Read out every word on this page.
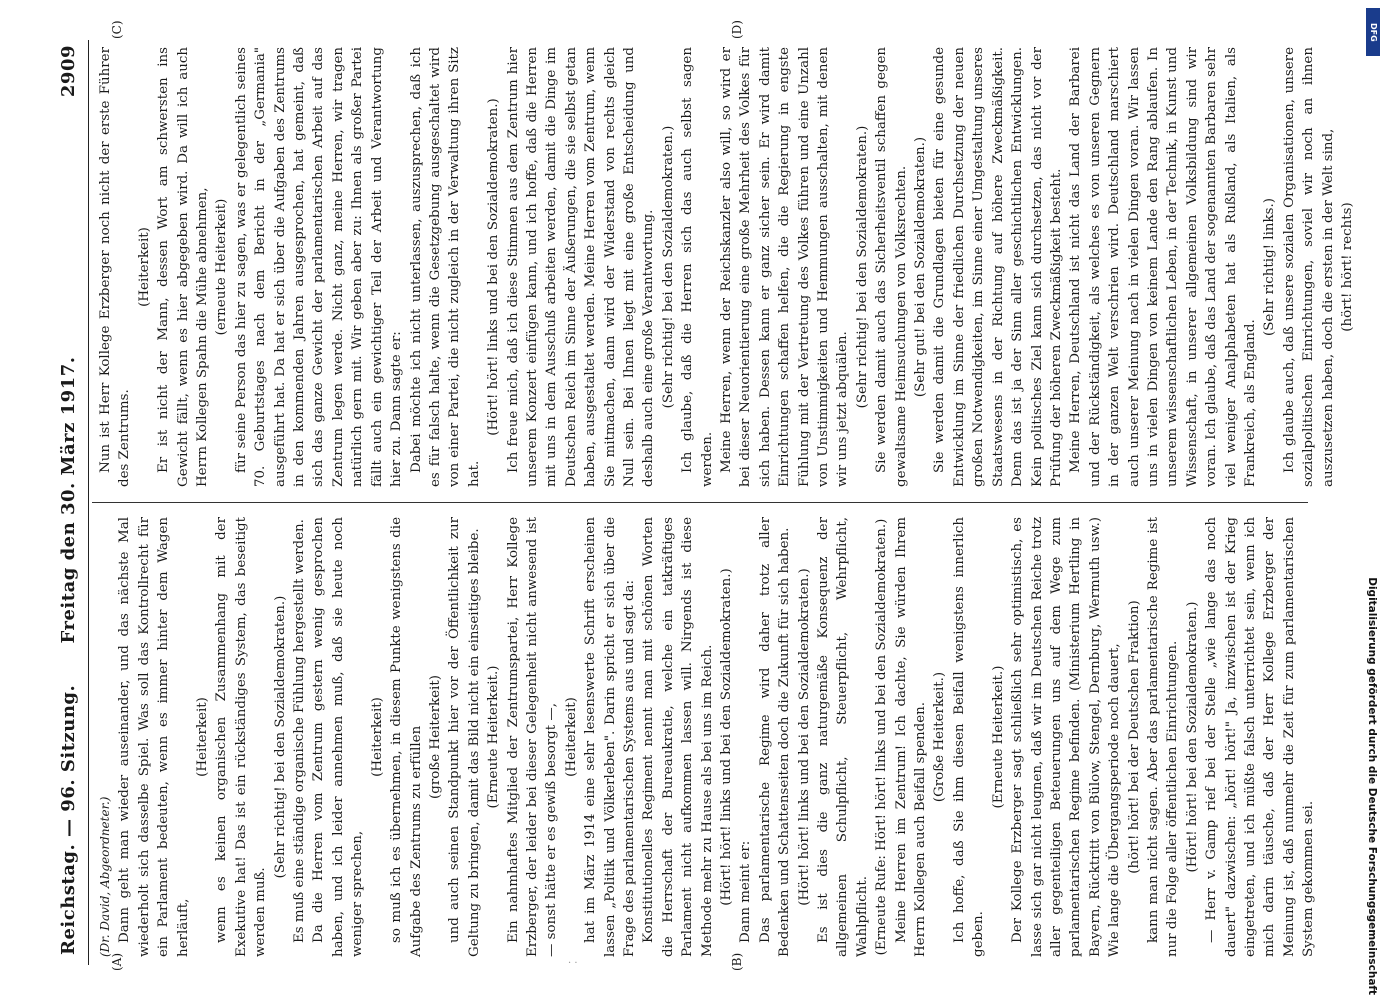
Reichstag. — 96. Sitzung.
Freitag den 30. März 1917.
2909

(Dr. David, Abgeordneter.) Dann geht man wieder auseinander, und das nächste Mal wiederholt sich dasselbe Spiel. Was soll das Kontrollrecht für ein Parlament bedeuten, wenn es immer hinter dem Wagen herläuft,

(Heiterkeit) wenn es keinen organischen Zusammenhang mit der Exekutive hat! Das ist ein rückständiges System, das beseitigt werden muß.

(Sehr richtig! bei den Sozialdemokraten.) Es muß eine ständige organische Fühlung hergestellt werden. Da die Herren vom Zentrum gestern wenig gesprochen haben, und ich leider annehmen muß, daß sie heute noch weniger sprechen,

(Heiterkeit) so muß ich es übernehmen, in diesem Punkte wenigstens die Aufgabe des Zentrums zu erfüllen (große Heiterkeit) und auch seinen Standpunkt hier vor der Öffentlichkeit zur Geltung zu bringen, damit das Bild nicht ein einseitiges bleibe. (Erneute Heiterkeit.) Ein nahmhaftes Mitglied der Zentrumspartei, Herr Kollege Erzberger, der leider bei dieser Gelegenheit nicht anwesend ist — sonst hätte er es gewiß besorgt —, (Heiterkeit) hat im März 1914 eine sehr lesenswerte Schrift erscheinen lassen „Politik und Völkerleben". Darin spricht er sich über die Frage des parlamentarischen Systems aus und sagt da: Konstitutionelles Regiment nennt man mit schönen Worten die Herrschaft der Bureaukratie, welche ein tatkräftiges Parlament nicht aufkommen lassen will. Nirgends ist diese Methode mehr zu Hause als bei uns im Reich. (Hört! hört! links und bei den Sozialdemokraten.) Dann meint er: Das parlamentarische Regime wird daher trotz aller Bedenken und Schattenseiten doch die Zukunft für sich haben. (Hört! hört! links und bei den Sozialdemokraten.) Es ist dies die ganz naturgemäße Konsequenz der allgemeinen Schulpflicht, Steuerpflicht, Wehrpflicht, Wahlpflicht. (Erneute Rufe: Hört! hört! links und bei den Sozialdemokraten.) Meine Herren im Zentrum! Ich dachte, Sie würden Ihrem Herrn Kollegen auch Beifall spenden. (Große Heiterkeit.) Ich hoffe, daß Sie ihm diesen Beifall wenigstens innerlich geben.

(Erneute Heiterkeit.) Der Kollege Erzberger sagt schließlich sehr optimistisch, es lasse sich gar nicht leugnen, daß wir im Deutschen Reiche trotz aller gegenteiligen Beteuerungen uns auf dem Wege zum parlamentarischen Regime befinden. (Ministerium Hertling in Bayern, Rücktritt von Bülow, Stengel, Dernburg, Wermuth usw.) Wie lange die Übergangsperiode noch dauert, (hört! hört! bei der Deutschen Fraktion) kann man nicht sagen. Aber das parlamentarische Regime ist nur die Folge aller öffentlichen Einrichtungen. (Hört! hört! bei den Sozialdemokraten.) — Herr v. Gamp rief bei der Stelle „wie lange das noch dauert" dazwischen: „hört! hört!" Ja, inzwischen ist der Krieg eingetreten, und ich müßte falsch unterrichtet sein, wenn ich mich darin täusche, daß der Herr Kollege Erzberger der Meinung ist, daß nunmehr die Zeit für zum parlamentarischen System gekommen sei.

Nun ist Herr Kollege Erzberger noch nicht der erste Führer des Zentrums.

(Heiterkeit) Er ist nicht der Mann, dessen Wort am schwersten ins Gewicht fällt, wenn es hier abgegeben wird. Da will ich auch Herrn Kollegen Spahn die Mühe abnehmen, (erneute Heiterkeit) für seine Person das hier zu sagen, was er gelegentlich seines 70. Geburtstages nach dem Bericht in der „Germania" ausgeführt hat. Da hat er sich über die Aufgaben des Zentrums in den kommenden Jahren ausgesprochen, hat gemeint, daß sich das ganze Gewicht der parlamentarischen Arbeit auf das Zentrum legen werde. Nicht ganz, meine Herren, wir tragen natürlich gern mit. Wir geben aber zu: Ihnen als großer Partei fällt auch ein gewichtiger Teil der Arbeit und Verantwortung hier zu. Dann sagte er: Dabei möchte ich nicht unterlassen, auszusprechen, daß ich es für falsch halte, wenn die Gesetzgebung ausgeschaltet wird von einer Partei, die nicht zugleich in der Verwaltung ihren Sitz hat.

(Hört! hört! links und bei den Sozialdemokraten.) Ich freue mich, daß ich diese Stimmen aus dem Zentrum hier unserem Konzert einfügen kann, und ich hoffe, daß die Herren mit uns in dem Ausschuß arbeiten werden, damit die Dinge im Deutschen Reich im Sinne der Äußerungen, die sie selbst getan haben, ausgestaltet werden. Meine Herren vom Zentrum, wenn Sie mitmachen, dann wird der Widerstand von rechts gleich Null sein. Bei Ihnen liegt mit eine große Entscheidung und deshalb auch eine große Verantwortung. (Sehr richtig! bei den Sozialdemokraten.) Ich glaube, daß die Herren sich das auch selbst sagen werden. Meine Herren, wenn der Reichskanzler also will, so wird er bei dieser Neuorientierung eine große Mehrheit des Volkes für sich haben. Dessen kann er ganz sicher sein. Er wird damit Einrichtungen schaffen helfen, die die Regierung in engste Fühlung mit der Vertretung des Volkes führen und eine Unzahl von Unstimmigkeiten und Hemmungen ausschalten, mit denen wir uns jetzt abquälen.

(Sehr richtig! bei den Sozialdemokraten.) Sie werden damit auch das Sicherheitsventil schaffen gegen gewaltsame Heimsuchungen von Volksrechten. (Sehr gut! bei den Sozialdemokraten.) Sie werden damit die Grundlagen bieten für eine gesunde Entwicklung im Sinne der friedlichen Durchsetzung der neuen großen Notwendigkeiten, im Sinne einer Umgestaltung unseres Staatswesens in der Richtung auf höhere Zweckmäßigkeit. Denn das ist ja der Sinn aller geschichtlichen Entwicklungen. Kein politisches Ziel kann sich durchsetzen, das nicht vor der Prüfung der höheren Zweckmäßigkeit besteht. Meine Herren, Deutschland ist nicht das Land der Barbarei und der Rückständigkeit, als welches es von unseren Gegnern in der ganzen Welt verschrien wird. Deutschland marschiert auch unserer Meinung nach in vielen Dingen voran. Wir lassen uns in vielen Dingen von keinem Lande den Rang ablaufen. In unserem wissenschaftlichen Leben, in der Technik, in Kunst und Wissenschaft, in unserer allgemeinen Volksbildung sind wir voran. Ich glaube, daß das Land der sogenannten Barbaren sehr viel weniger Analphabeten hat als Rußland, als Italien, als Frankreich, als England.

(Sehr richtig! links.) Ich glaube auch, daß unsere sozialen Organisationen, unsere sozialpolitischen Einrichtungen, soviel wir noch an ihnen auszusetzen haben, doch die ersten in der Welt sind, (hört! hört! rechts)

(A)	(B)
(C)	(D)
Digitalisierung gefördert durch die Deutsche Forschungsgemeinschaft
DFG
· ·
